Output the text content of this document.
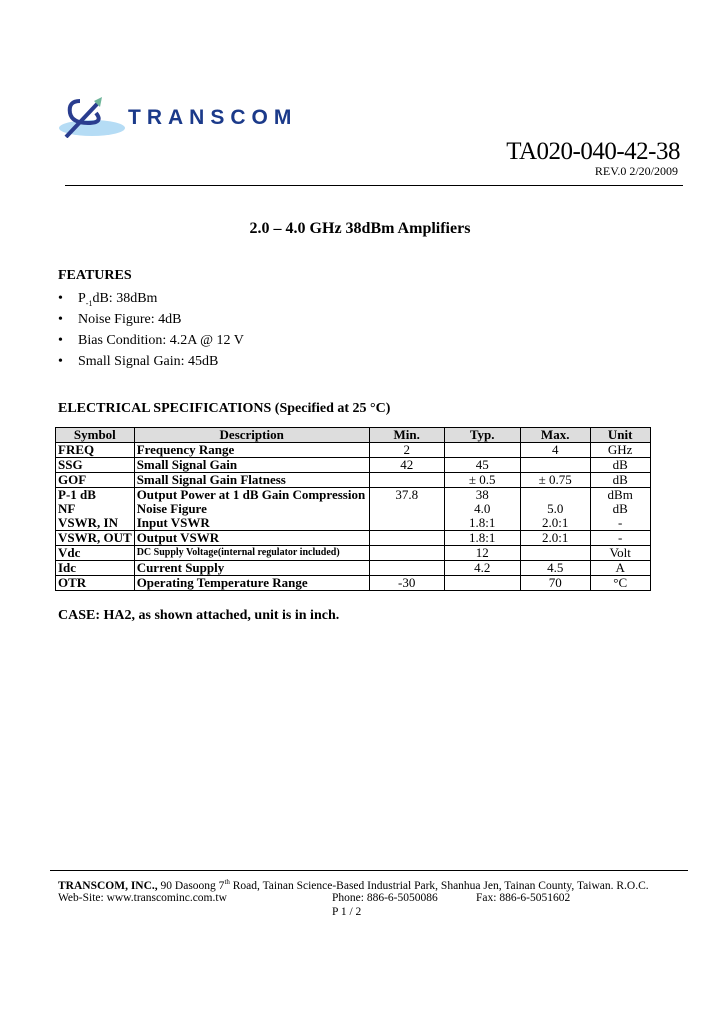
TRANSCOM
TA020-040-42-38
REV.0 2/20/2009
2.0 – 4.0 GHz 38dBm Amplifiers
FEATURES
• $P_{-1}dB$: 38dBm
• Noise Figure: 4dB
• Bias Condition: 4.2A @ 12 V
• Small Signal Gain: 45dB
ELECTRICAL SPECIFICATIONS (Specified at 25 °C)
Symbol	Description	Min.	Typ.	Max.	Unit
FREQ	Frequency Range	2		4	GHz
SSG	Small Signal Gain	42	45		dB
GOF	Small Signal Gain Flatness		± 0.5	± 0.75	dB
P-1 dB	Output Power at 1 dB Gain Compression	37.8	38		dBm
NF	Noise Figure		4.0	5.0	dB
VSWR, IN	Input VSWR		1.8:1	2.0:1	-
VSWR, OUT	Output VSWR		1.8:1	2.0:1	-
Vdc	DC Supply Voltage(internal regulator included)		12		Volt
Idc	Current Supply		4.2	4.5	A
OTR	Operating Temperature Range	-30		70	°C
CASE: HA2, as shown attached, unit is in inch.
TRANSCOM, INC., 90 Dasoong 7th Road, Tainan Science-Based Industrial Park, Shanhua Jen, Tainan County, Taiwan. R.O.C.
Web-Site: www.transcominc.com.tw	Phone: 886-6-5050086	Fax: 886-6-5051602
P 1 / 2
